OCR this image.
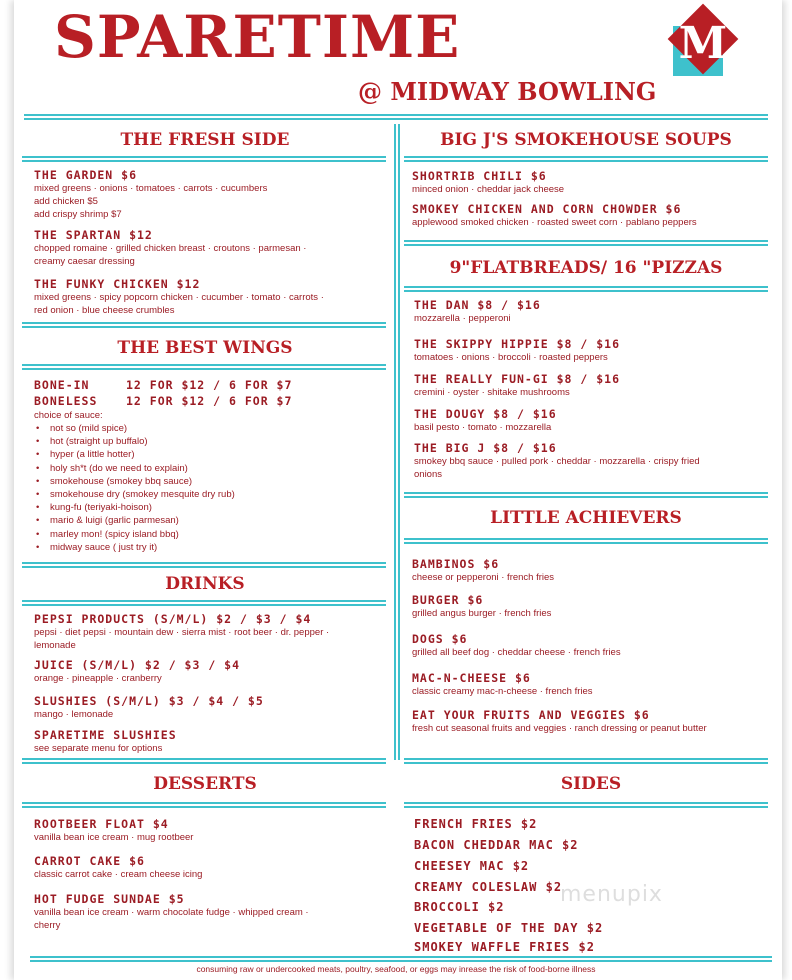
SPARETIME
@ MIDWAY BOWLING
M
THE FRESH SIDE
THE GARDEN $6
mixed greens · onions · tomatoes · carrots · cucumbers
add chicken $5
add crispy shrimp $7
THE SPARTAN $12
chopped romaine · grilled chicken breast · croutons · parmesan ·
creamy caesar dressing
THE FUNKY CHICKEN $12
mixed greens · spicy popcorn chicken · cucumber · tomato · carrots ·
red onion · blue cheese crumbles
THE BEST WINGS
BONE-IN	12 FOR $12 / 6 FOR $7
BONELESS 12 FOR $12 / 6 FOR $7
choice of sauce:
• not so (mild spice)
• hot (straight up buffalo)
• hyper (a little hotter)
• holy sh*t (do we need to explain)
• smokehouse (smokey bbq sauce)
• smokehouse dry (smokey mesquite dry rub)
• kung-fu (teriyaki-hoison)
• mario & luigi (garlic parmesan)
• marley mon! (spicy island bbq)
• midway sauce ( just try it)
DRINKS
PEPSI PRODUCTS (S/M/L) $2 / $3 / $4
pepsi · diet pepsi · mountain dew · sierra mist · root beer · dr. pepper ·
lemonade
JUICE (S/M/L) $2 / $3 / $4
orange · pineapple · cranberry
SLUSHIES (S/M/L) $3 / $4 / $5
mango · lemonade
SPARETIME SLUSHIES
see separate menu for options
DESSERTS
ROOTBEER FLOAT $4
vanilla bean ice cream · mug rootbeer
CARROT CAKE $6
classic carrot cake · cream cheese icing
HOT FUDGE SUNDAE $5
vanilla bean ice cream · warm chocolate fudge · whipped cream ·
cherry
BIG J'S SMOKEHOUSE SOUPS
SHORTRIB CHILI $6
minced onion · cheddar jack cheese
SMOKEY CHICKEN AND CORN CHOWDER $6
applewood smoked chicken · roasted sweet corn · pablano peppers
9"FLATBREADS/ 16 "PIZZAS
THE DAN $8 / $16
mozzarella · pepperoni
THE SKIPPY HIPPIE $8 / $16
tomatoes · onions · broccoli · roasted peppers
THE REALLY FUN-GI $8 / $16
cremini · oyster · shitake mushrooms
THE DOUGY $8 / $16
basil pesto · tomato · mozzarella
THE BIG J $8 / $16
smokey bbq sauce · pulled pork · cheddar · mozzarella · crispy fried
onions
LITTLE ACHIEVERS
BAMBINOS $6
cheese or pepperoni · french fries
BURGER $6
grilled angus burger · french fries
DOGS $6
grilled all beef dog · cheddar cheese · french fries
MAC-N-CHEESE $6
classic creamy mac-n-cheese · french fries
EAT YOUR FRUITS AND VEGGIES $6
fresh cut seasonal fruits and veggies · ranch dressing or peanut butter
SIDES
FRENCH FRIES $2
BACON CHEDDAR MAC $2
CHEESEY MAC $2
CREAMY COLESLAW $2
BROCCOLI $2
VEGETABLE OF THE DAY $2
SMOKEY WAFFLE FRIES $2
menupix
consuming raw or undercooked meats, poultry, seafood, or eggs may inrease the risk of food-borne illness
